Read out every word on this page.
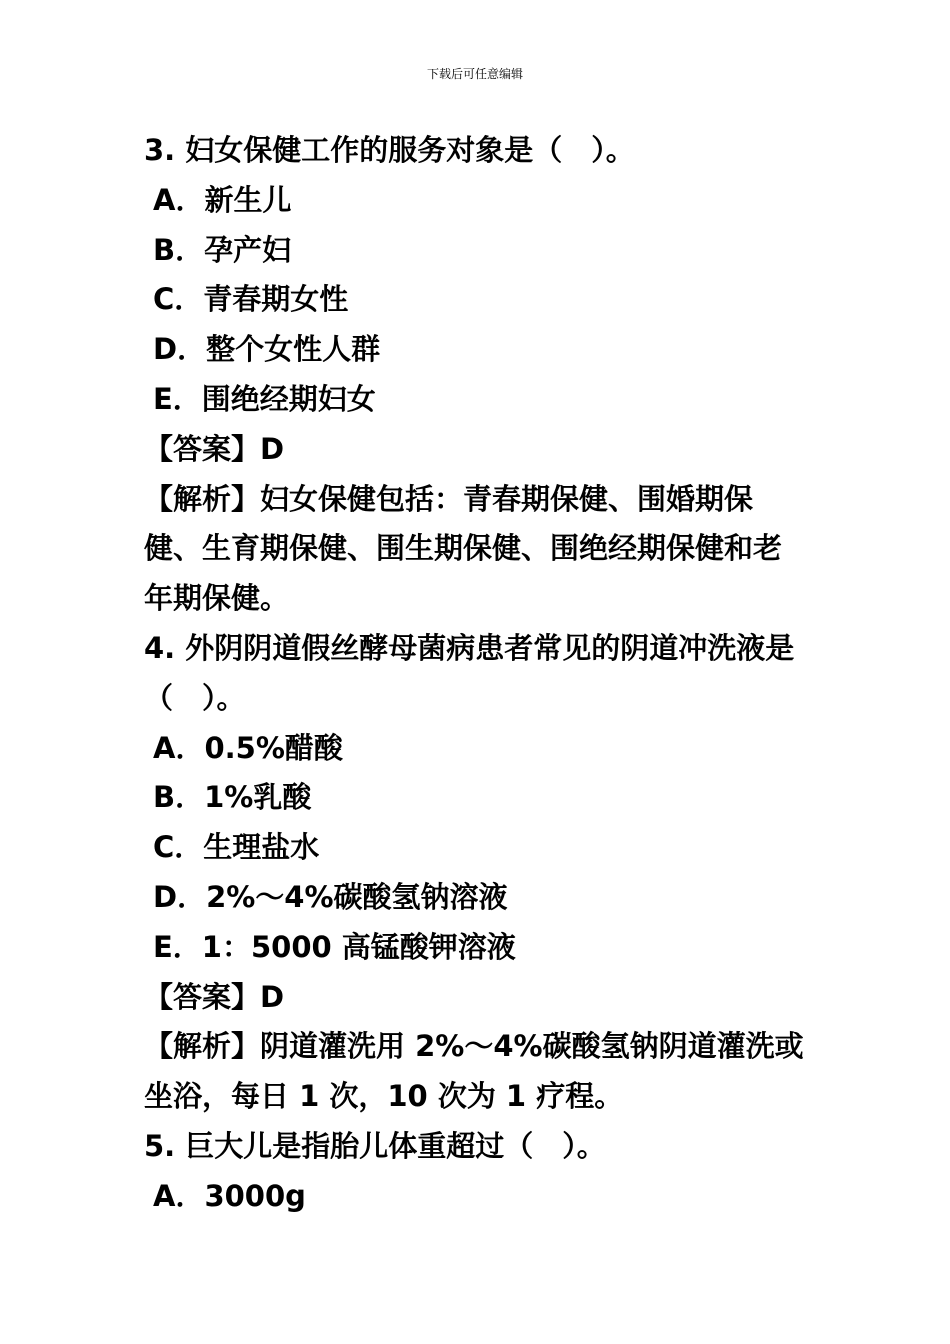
下载后可任意编辑

3. 妇女保健工作的服务对象是（　）。

A．新生儿

B．孕产妇

C．青春期女性

D．整个女性人群

E．围绝经期妇女

【答案】D

【解析】妇女保健包括：青春期保健、围婚期保健、生育期保健、围生期保健、围绝经期保健和老年期保健。

4. 外阴阴道假丝酵母菌病患者常见的阴道冲洗液是（　）。

A．0.5%醋酸

B．1%乳酸

C．生理盐水

D．2%～4%碳酸氢钠溶液

E．1：5000 高锰酸钾溶液

【答案】D

【解析】阴道灌洗用 2%～4%碳酸氢钠阴道灌洗或坐浴，每日 1 次，10 次为 1 疗程。

5. 巨大儿是指胎儿体重超过（　）。

A．3000g
